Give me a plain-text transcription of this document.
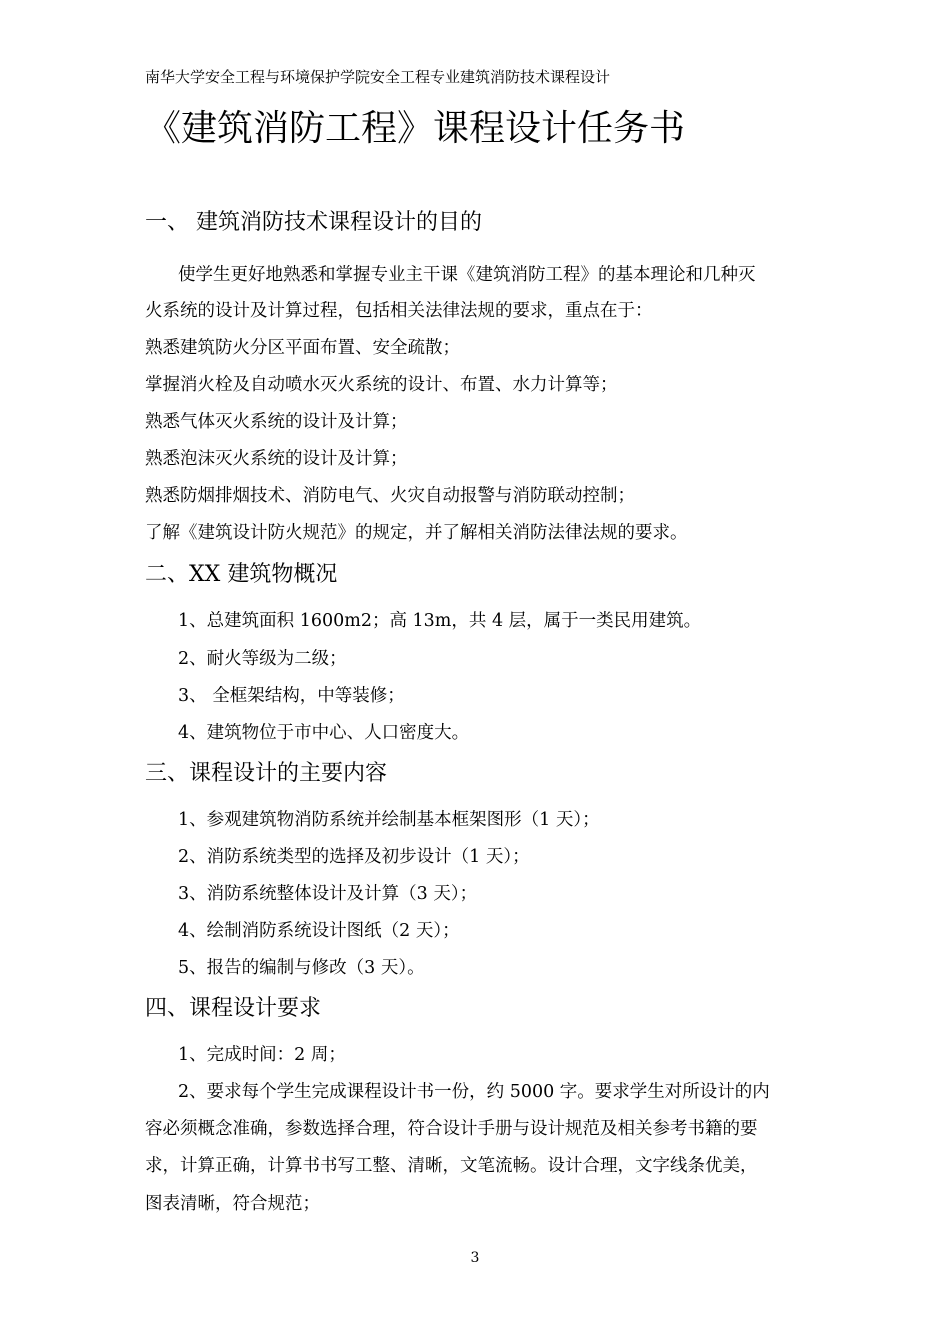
南华大学安全工程与环境保护学院安全工程专业建筑消防技术课程设计
《建筑消防工程》课程设计任务书
一、 建筑消防技术课程设计的目的
使学生更好地熟悉和掌握专业主干课《建筑消防工程》的基本理论和几种灭
火系统的设计及计算过程，包括相关法律法规的要求，重点在于：
熟悉建筑防火分区平面布置、安全疏散；
掌握消火栓及自动喷水灭火系统的设计、布置、水力计算等；
熟悉气体灭火系统的设计及计算；
熟悉泡沫灭火系统的设计及计算；
熟悉防烟排烟技术、消防电气、火灾自动报警与消防联动控制；
了解《建筑设计防火规范》的规定，并了解相关消防法律法规的要求。
二、XX 建筑物概况
1、总建筑面积 1600m2；高 13m，共 4 层，属于一类民用建筑。
2、耐火等级为二级；
3、 全框架结构，中等装修；
4、建筑物位于市中心、人口密度大。
三、课程设计的主要内容
1、参观建筑物消防系统并绘制基本框架图形（1 天）；
2、消防系统类型的选择及初步设计（1 天）；
3、消防系统整体设计及计算（3 天）；
4、绘制消防系统设计图纸（2 天）；
5、报告的编制与修改（3 天）。
四、课程设计要求
1、完成时间：2 周；
2、要求每个学生完成课程设计书一份，约 5000 字。要求学生对所设计的内
容必须概念准确，参数选择合理，符合设计手册与设计规范及相关参考书籍的要
求，计算正确，计算书书写工整、清晰，文笔流畅。设计合理，文字线条优美，
图表清晰，符合规范；
3
